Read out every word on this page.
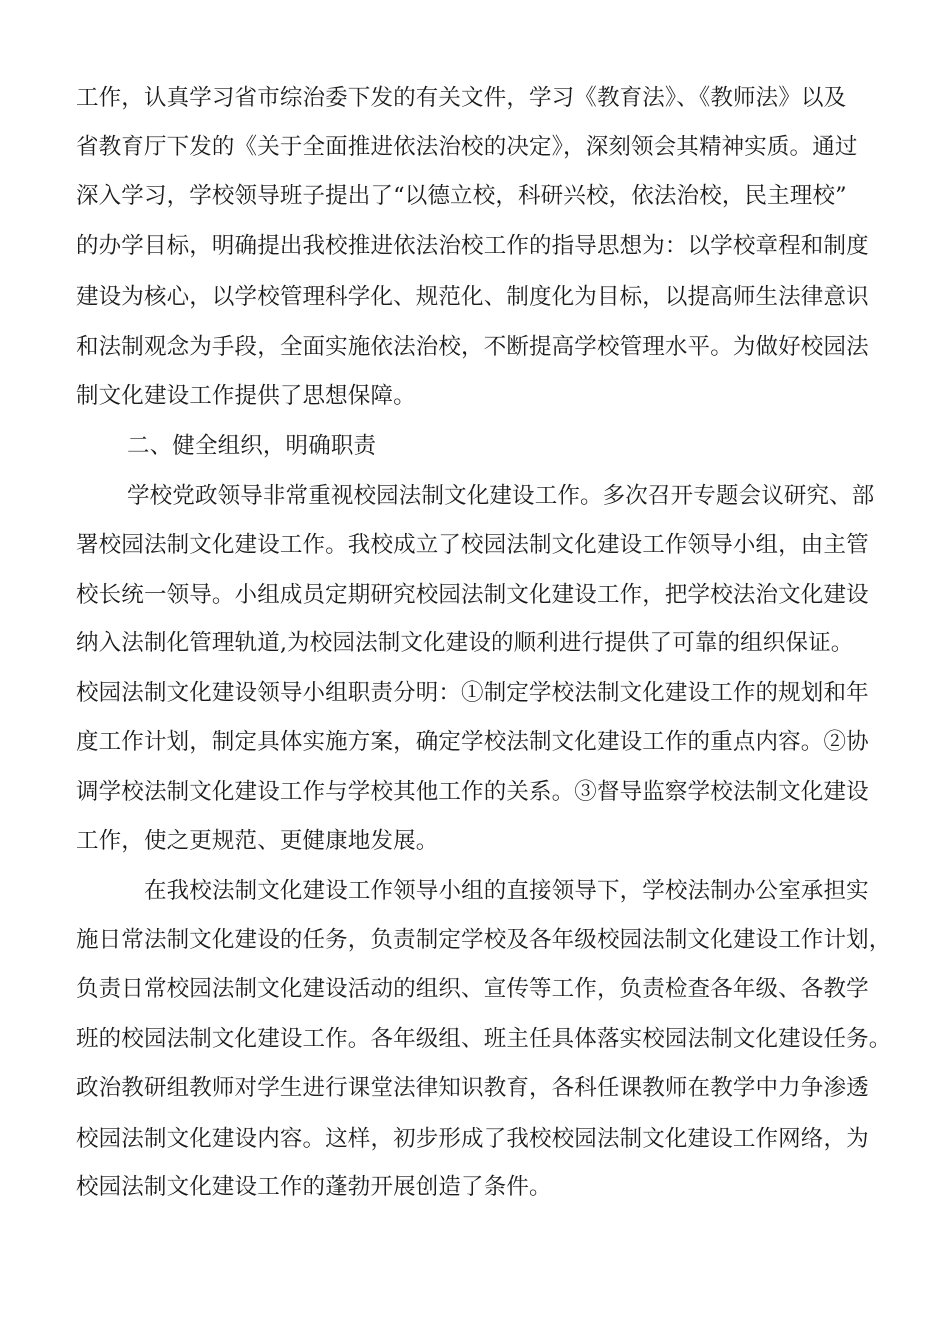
工作，认真学习省市综治委下发的有关文件，学习《教育法》、《教师法》以及
省教育厅下发的《关于全面推进依法治校的决定》，深刻领会其精神实质。通过
深入学习，学校领导班子提出了“以德立校，科研兴校，依法治校，民主理校”
的办学目标，明确提出我校推进依法治校工作的指导思想为：以学校章程和制度
建设为核心，以学校管理科学化、规范化、制度化为目标，以提高师生法律意识
和法制观念为手段，全面实施依法治校，不断提高学校管理水平。为做好校园法
制文化建设工作提供了思想保障。
二、健全组织，明确职责
学校党政领导非常重视校园法制文化建设工作。多次召开专题会议研究、部
署校园法制文化建设工作。我校成立了校园法制文化建设工作领导小组，由主管
校长统一领导。小组成员定期研究校园法制文化建设工作，把学校法治文化建设
纳入法制化管理轨道,为校园法制文化建设的顺利进行提供了可靠的组织保证。
校园法制文化建设领导小组职责分明：①制定学校法制文化建设工作的规划和年
度工作计划，制定具体实施方案，确定学校法制文化建设工作的重点内容。②协
调学校法制文化建设工作与学校其他工作的关系。③督导监察学校法制文化建设
工作，使之更规范、更健康地发展。
在我校法制文化建设工作领导小组的直接领导下，学校法制办公室承担实
施日常法制文化建设的任务，负责制定学校及各年级校园法制文化建设工作计划，
负责日常校园法制文化建设活动的组织、宣传等工作，负责检查各年级、各教学
班的校园法制文化建设工作。各年级组、班主任具体落实校园法制文化建设任务。
政治教研组教师对学生进行课堂法律知识教育，各科任课教师在教学中力争渗透
校园法制文化建设内容。这样，初步形成了我校校园法制文化建设工作网络，为
校园法制文化建设工作的蓬勃开展创造了条件。
